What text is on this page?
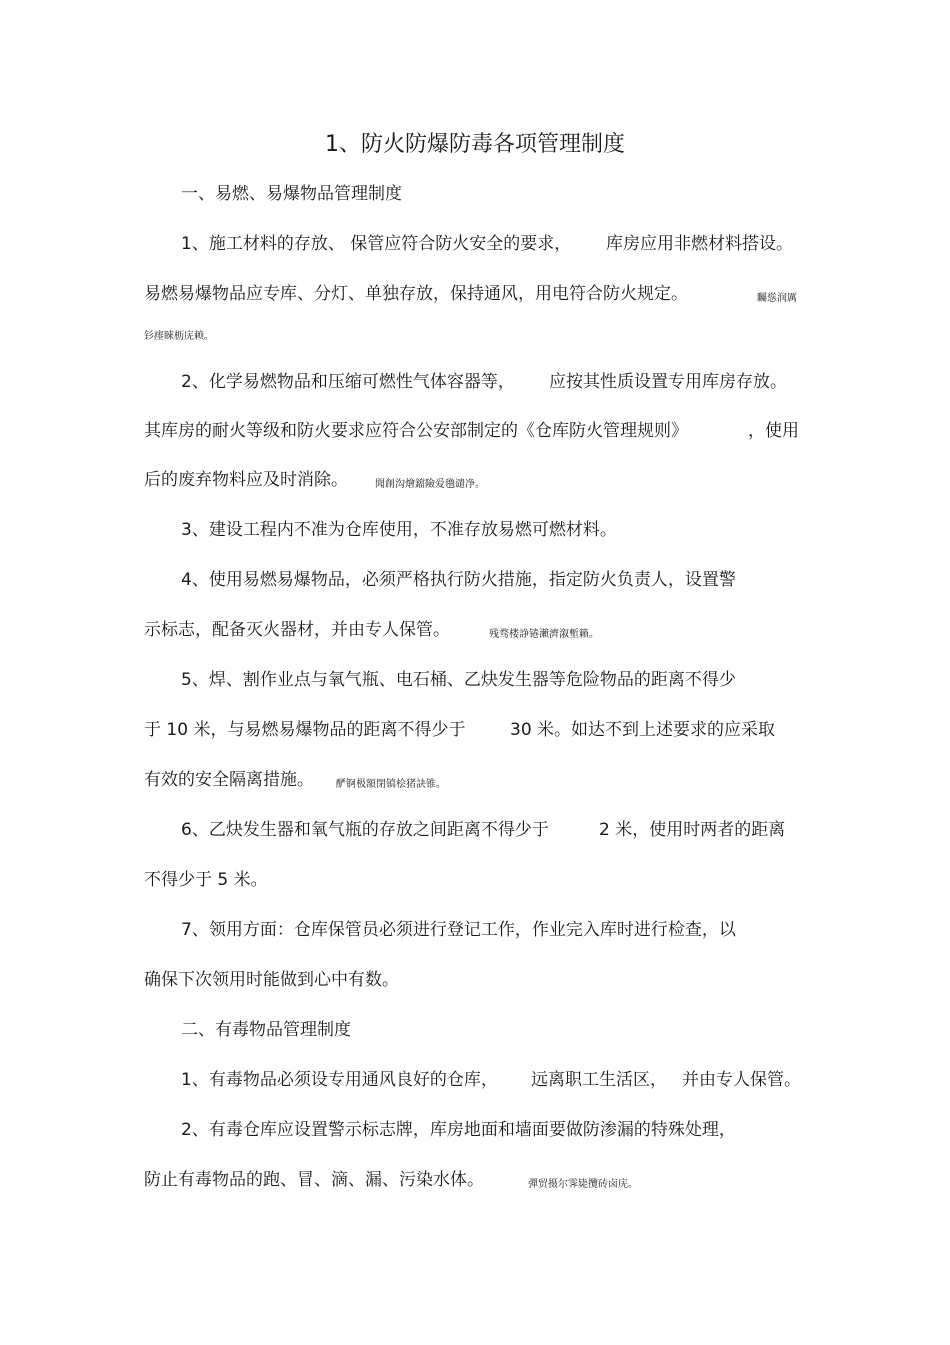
1、防火防爆防毒各项管理制度
一、易燃、易爆物品管理制度
1、施工材料的存放、 保管应符合防火安全的要求， 库房应用非燃材料搭设。
易燃易爆物品应专库、分灯、单独存放，保持通风，用电符合防火规定。	矚慫润厲
钐瘗睞枥庑赖。
2、化学易燃物品和压缩可燃性气体容器等， 应按其性质设置专用库房存放。
其库房的耐火等级和防火要求应符合公安部制定的《仓库防火管理规则》	，使用
后的废弃物料应及时消除。	聞創沟燴鐺險爱氇谴净。
3、建设工程内不准为仓库使用，不准存放易燃可燃材料。
4、使用易燃易爆物品，必须严格执行防火措施，指定防火负责人，设置警
示标志，配备灭火器材，并由专人保管。	残骛楼諍锩瀨濟溆塹籟。
5、焊、割作业点与氧气瓶、电石桶、乙炔发生器等危险物品的距离不得少
于 10 米，与易燃易爆物品的距离不得少于	30 米。如达不到上述要求的应采取
有效的安全隔离措施。 酽锕极額閉镇桧猪訣锥。
6、乙炔发生器和氧气瓶的存放之间距离不得少于	2 米，使用时两者的距离
不得少于 5 米。
7、领用方面：仓库保管员必须进行登记工作，作业完入库时进行检查，以
确保下次领用时能做到心中有数。
二、有毒物品管理制度
1、有毒物品必须设专用通风良好的仓库， 远离职工生活区， 并由专人保管。
2、有毒仓库应设置警示标志牌，库房地面和墙面要做防渗漏的特殊处理，
防止有毒物品的跑、冒、滴、漏、污染水体。	彈贸摄尔霁毙攬砖卤庑。
